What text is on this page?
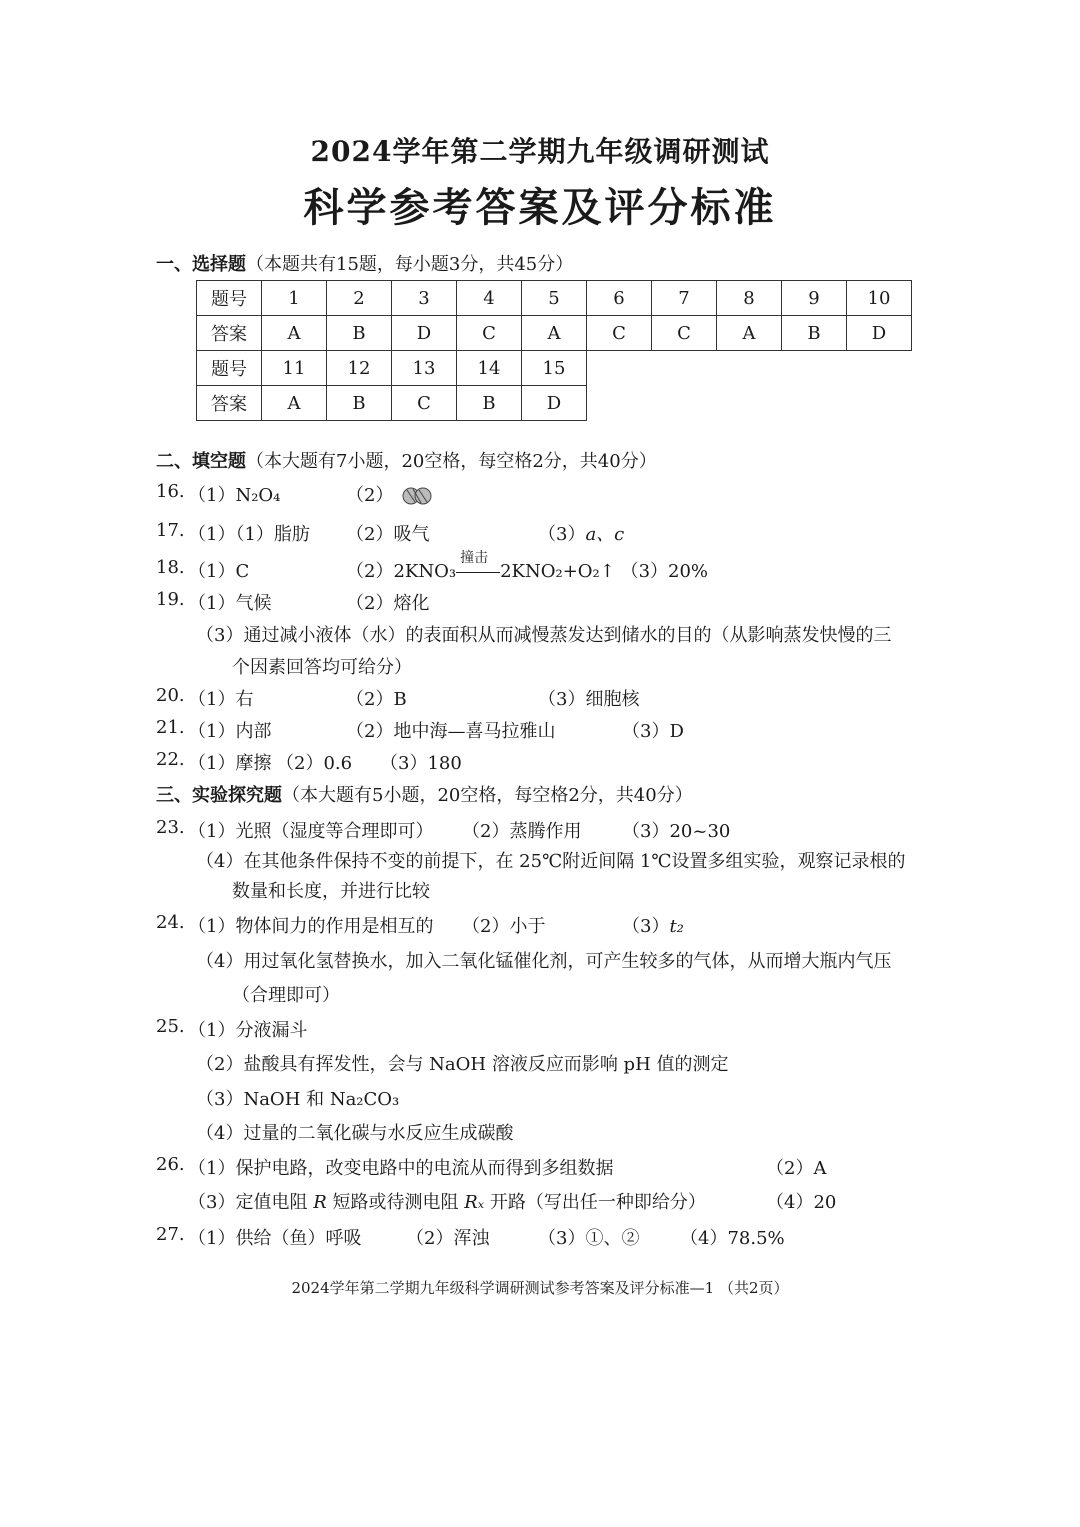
2024学年第二学期九年级调研测试
科学参考答案及评分标准
一、选择题（本题共有15题，每小题3分，共45分）
题号	1	2	3	4	5	6	7	8	9	10
答案	A	B	D	C	A	C	C	A	B	D
题号	11	12	13	14	15					
答案	A	B	C	B	D					
二、填空题（本大题有7小题，20空格，每空格2分，共40分）
16. （1）N₂O₄	（2）
17. （1）（1）脂肪 （2）吸气	（3）a、c
18. （1）C	（2）2KNO₃
撞击
2KNO₂+O₂↑ （3）20%
19. （1）气候	（2）熔化
（3）通过减小液体（水）的表面积从而减慢蒸发达到储水的目的（从影响蒸发快慢的三
个因素回答均可给分）
20. （1）右	（2）B	（3）细胞核
21. （1）内部	（2）地中海—喜马拉雅山	（3）D
22. （1）摩擦 （2）0.6 （3）180
三、实验探究题（本大题有5小题，20空格，每空格2分，共40分）
23. （1）光照（湿度等合理即可） （2）蒸腾作用 （3）20~30
（4）在其他条件保持不变的前提下，在 25℃附近间隔 1℃设置多组实验，观察记录根的
数量和长度，并进行比较
24. （1）物体间力的作用是相互的 （2）小于	（3）t₂
（4）用过氧化氢替换水，加入二氧化锰催化剂，可产生较多的气体，从而增大瓶内气压
（合理即可）
25. （1）分液漏斗
（2）盐酸具有挥发性，会与 NaOH 溶液反应而影响 pH 值的测定
（3）NaOH 和 Na₂CO₃
（4）过量的二氧化碳与水反应生成碳酸
26. （1）保护电路，改变电路中的电流从而得到多组数据	（2）A
（3）定值电阻 R 短路或待测电阻 Rₓ 开路（写出任一种即给分）	（4）20
27. （1）供给（鱼）呼吸 （2）浑浊	（3）①、② （4）78.5%
2024学年第二学期九年级科学调研测试参考答案及评分标准—1 （共2页）
